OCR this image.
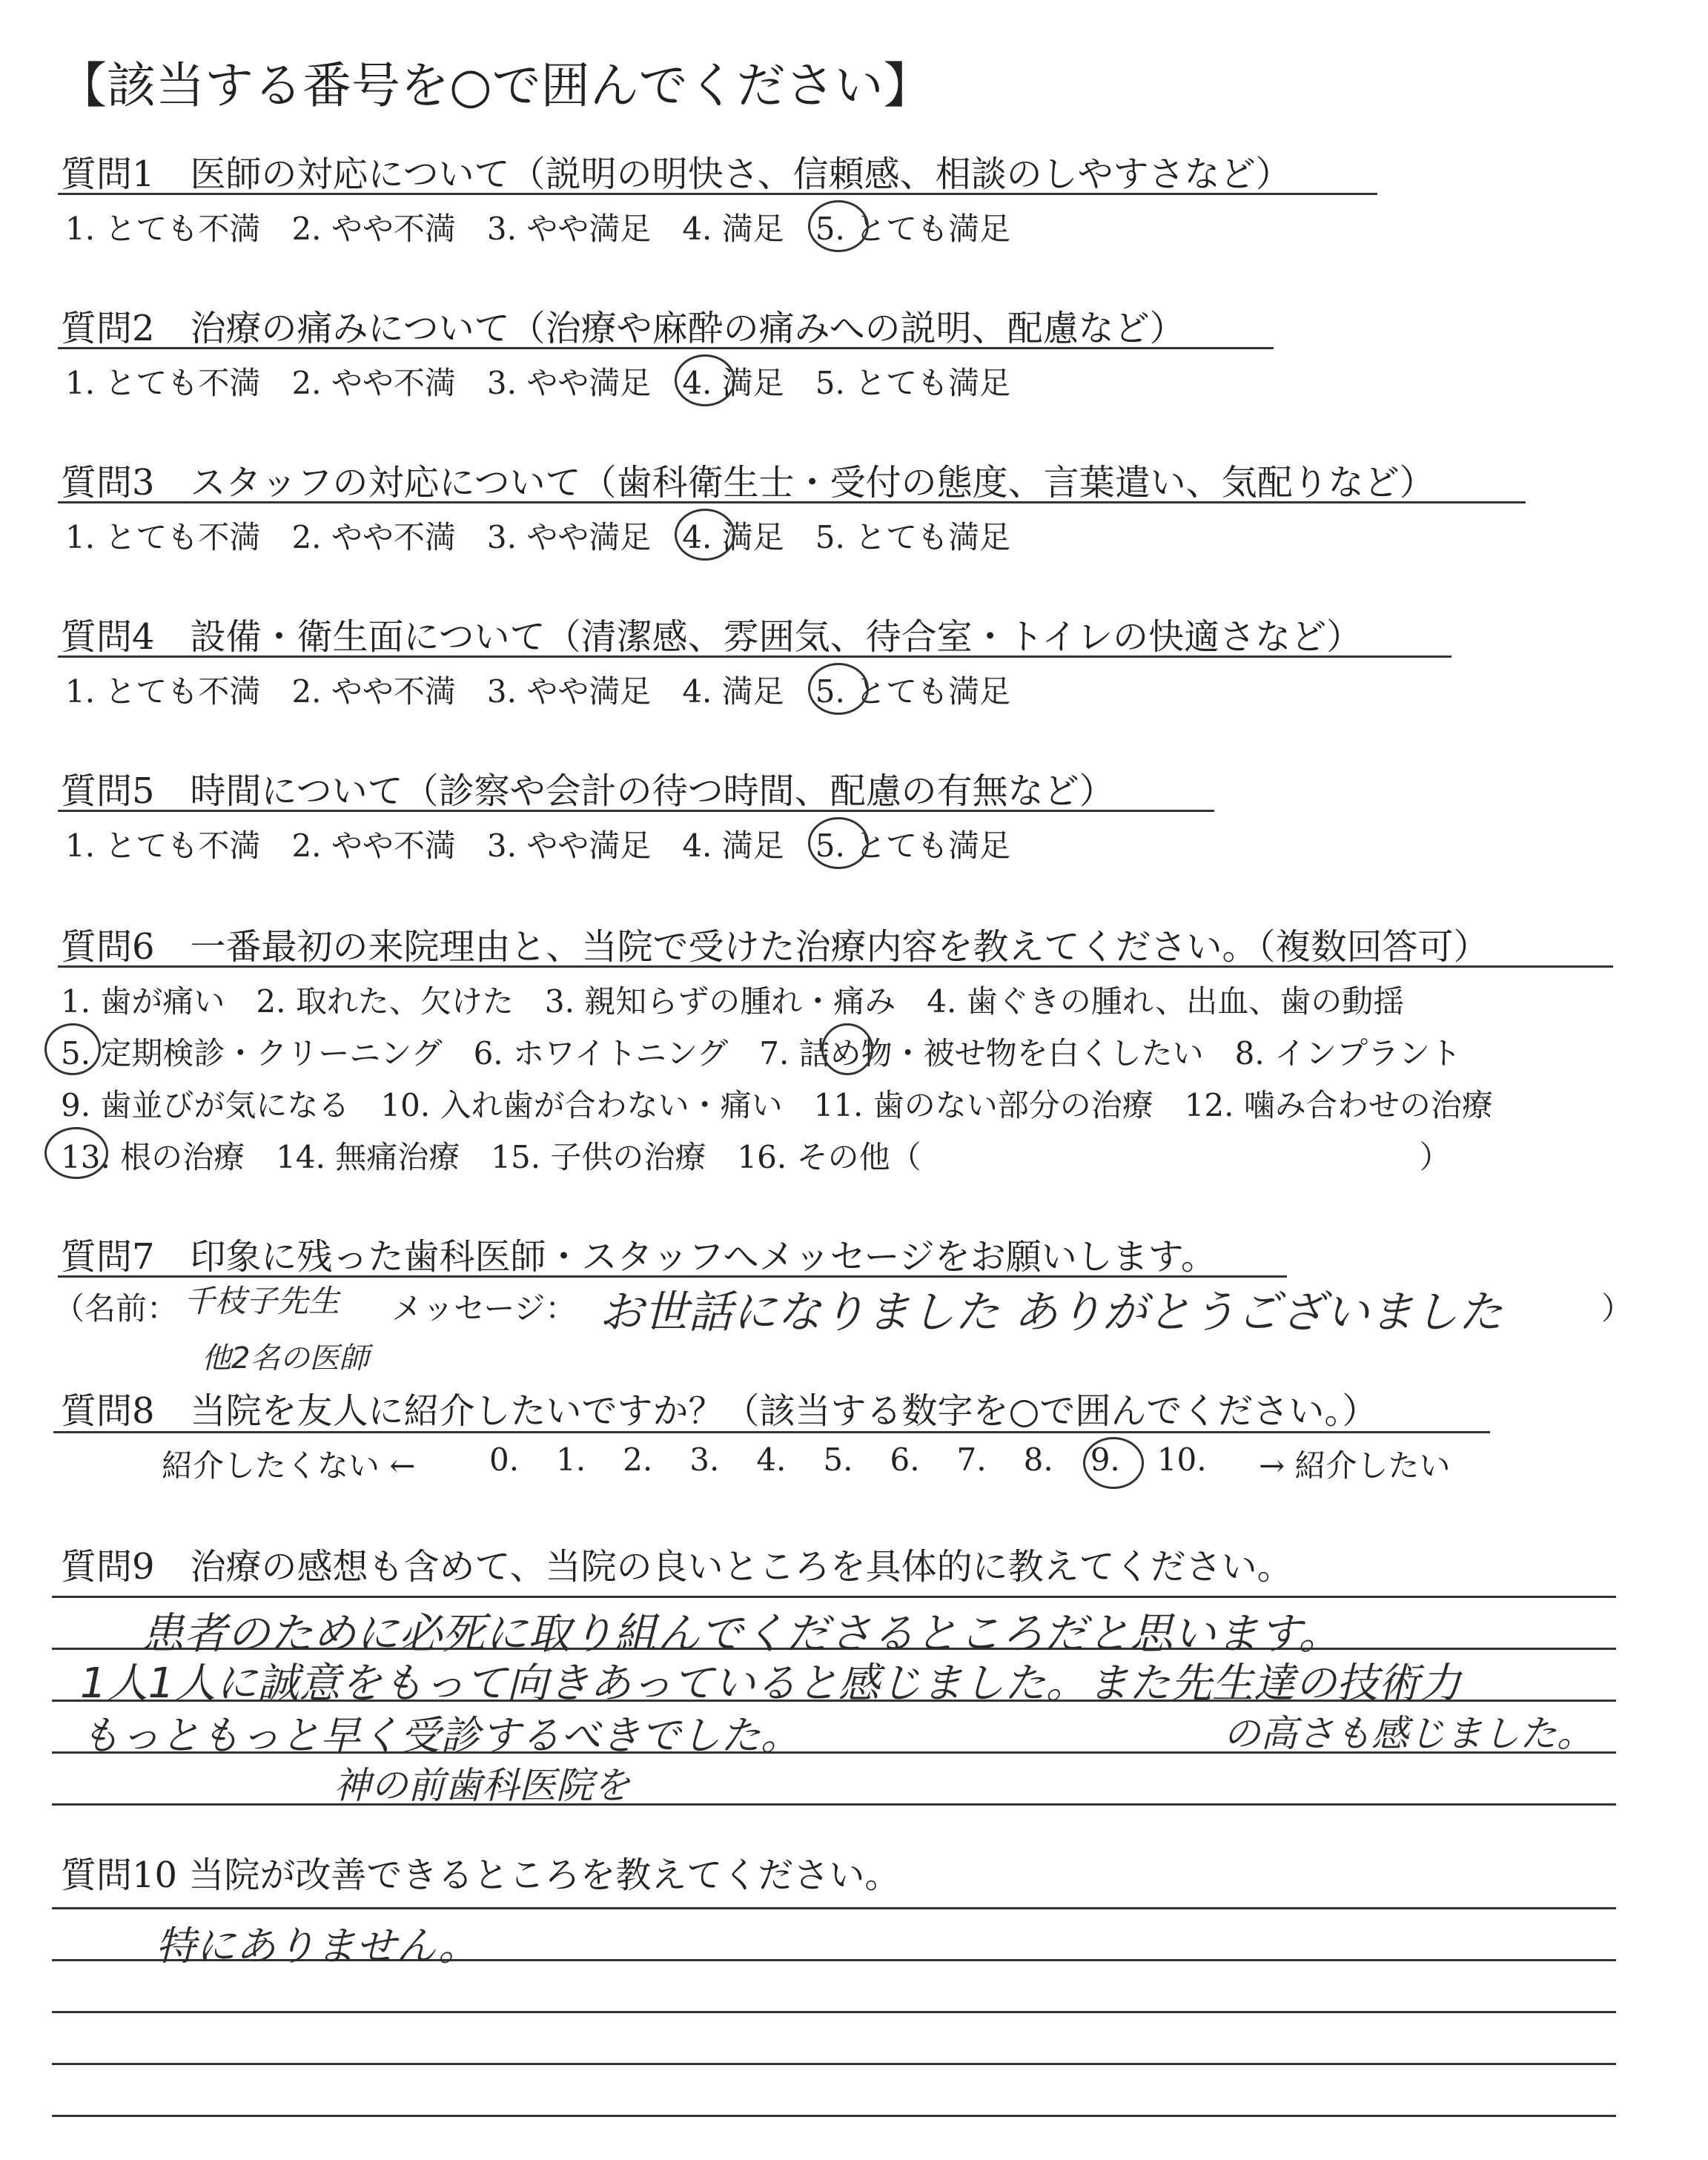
【該当する番号を○で囲んでください】
質問1　医師の対応について（説明の明快さ、信頼感、相談のしやすさなど）
1. とても不満 2. やや不満 3. やや満足 4. 満足 5. とても満足
質問2　治療の痛みについて（治療や麻酔の痛みへの説明、配慮など）
1. とても不満 2. やや不満 3. やや満足 4. 満足 5. とても満足
質問3　スタッフの対応について（歯科衛生士・受付の態度、言葉遣い、気配りなど）
1. とても不満 2. やや不満 3. やや満足 4. 満足 5. とても満足
質問4　設備・衛生面について（清潔感、雰囲気、待合室・トイレの快適さなど）
1. とても不満 2. やや不満 3. やや満足 4. 満足 5. とても満足
質問5　時間について（診察や会計の待つ時間、配慮の有無など）
1. とても不満 2. やや不満 3. やや満足 4. 満足 5. とても満足
質問6　一番最初の来院理由と、当院で受けた治療内容を教えてください。（複数回答可）
1. 歯が痛い　2. 取れた、欠けた　3. 親知らずの腫れ・痛み　4. 歯ぐきの腫れ、出血、歯の動揺
5. 定期検診・クリーニング　6. ホワイトニング　7. 詰め物・被せ物を白くしたい　8. インプラント
9. 歯並びが気になる　10. 入れ歯が合わない・痛い　11. 歯のない部分の治療　12. 噛み合わせの治療
13. 根の治療　14. 無痛治療　15. 子供の治療　16. その他（　　　　　　　　　　　　　　　　）
質問7　印象に残った歯科医師・スタッフへメッセージをお願いします。
（名前： 千枝子先生
他2名の医師
メッセージ： お世話になりました ありがとうございました	）
質問8　当院を友人に紹介したいですか？（該当する数字を○で囲んでください。）
紹介したくない ← 0. 1. 2. 3. 4. 5. 6. 7. 8. 9. 10.	→ 紹介したい
質問9　治療の感想も含めて、当院の良いところを具体的に教えてください。
患者のために必死に取り組んでくださるところだと思います。
1人1人に誠意をもって向きあっていると感じました。また先生達の技術力
もっともっと早く受診するべきでした。	の高さも感じました。
神の前歯科医院を
質問10 当院が改善できるところを教えてください。
特にありません。
